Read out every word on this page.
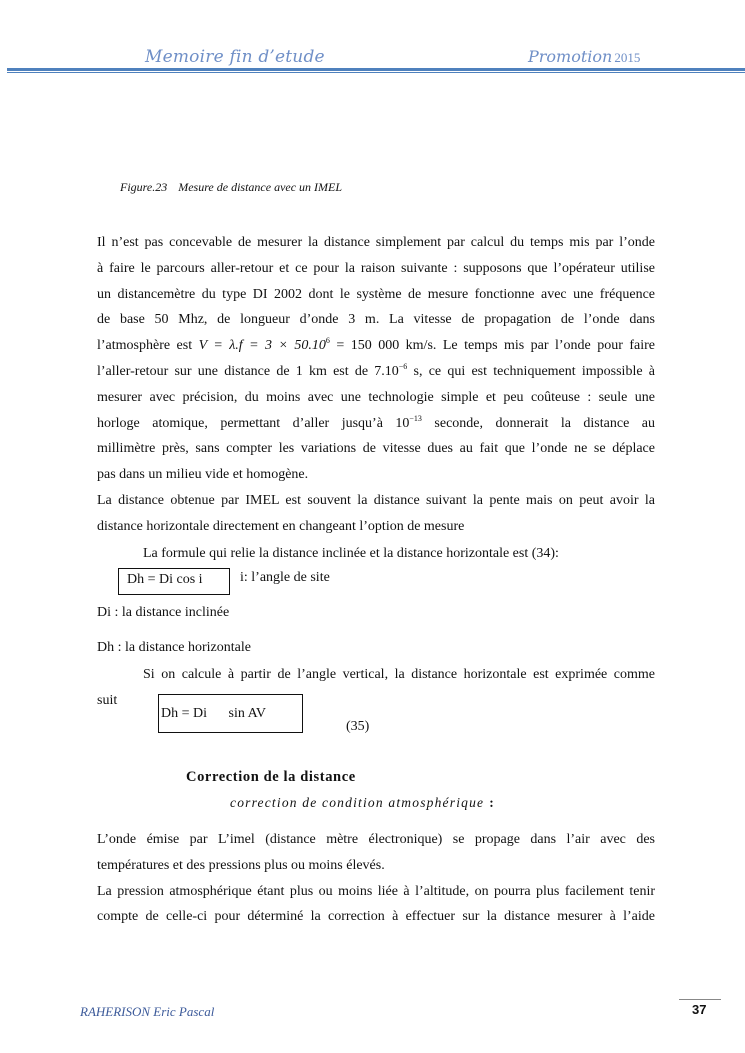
Memoire fin d’etude	Promotion 2015
Figure.23 Mesure de distance avec un IMEL
Il n’est pas concevable de mesurer la distance simplement par calcul du temps mis par l’onde
à faire le parcours aller-retour et ce pour la raison suivante : supposons que l’opérateur utilise
un distancemètre du type DI 2002 dont le système de mesure fonctionne avec une fréquence
de base 50 Mhz, de longueur d’onde 3 m. La vitesse de propagation de l’onde dans
l’atmosphère est $V = \lambda.f = 3 \times 50.10^6 = 150$ 000 km/s. Le temps mis par l’onde pour faire
l’aller-retour sur une distance de 1 km est de $7.10^{-6}$ s, ce qui est techniquement impossible à
mesurer avec précision, du moins avec une technologie simple et peu coûteuse : seule une
horloge atomique, permettant d’aller jusqu’à $10^{-13}$ seconde, donnerait la distance au
millimètre près, sans compter les variations de vitesse dues au fait que l’onde ne se déplace
pas dans un milieu vide et homogène.
La distance obtenue par IMEL est souvent la distance suivant la pente mais on peut avoir la
distance horizontale directement en changeant l’option de mesure
La formule qui relie la distance inclinée et la distance horizontale est (34):
Dh = Di cos i	i: l’angle de site
Di : la distance inclinée
Dh : la distance horizontale
Si on calcule à partir de l’angle vertical, la distance horizontale est exprimée comme
suit
Dh = Di sin AV
(35)
Correction de la distance
correction de condition atmosphérique :
L’onde émise par L’imel (distance mètre électronique) se propage dans l’air avec des
températures et des pressions plus ou moins élevés.
La pression atmosphérique étant plus ou moins liée à l’altitude, on pourra plus facilement tenir
compte de celle-ci pour déterminé la correction à effectuer sur la distance mesurer à l’aide
RAHERISON Eric Pascal	37
